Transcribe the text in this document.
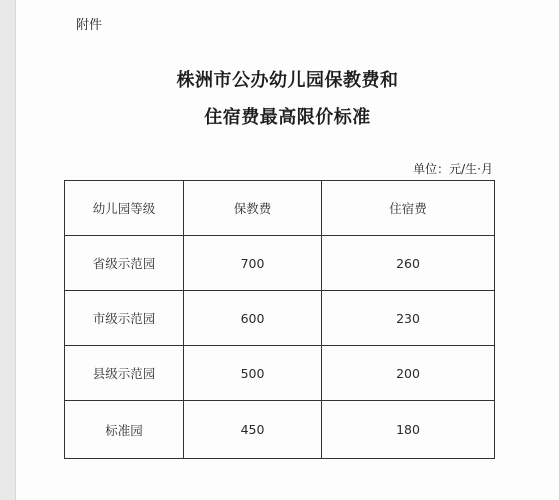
附件
株洲市公办幼儿园保教费和
住宿费最高限价标准
单位：元/生·月
幼儿园等级	保教费	住宿费
省级示范园	700	260
市级示范园	600	230
县级示范园	500	200
标准园	450	180
